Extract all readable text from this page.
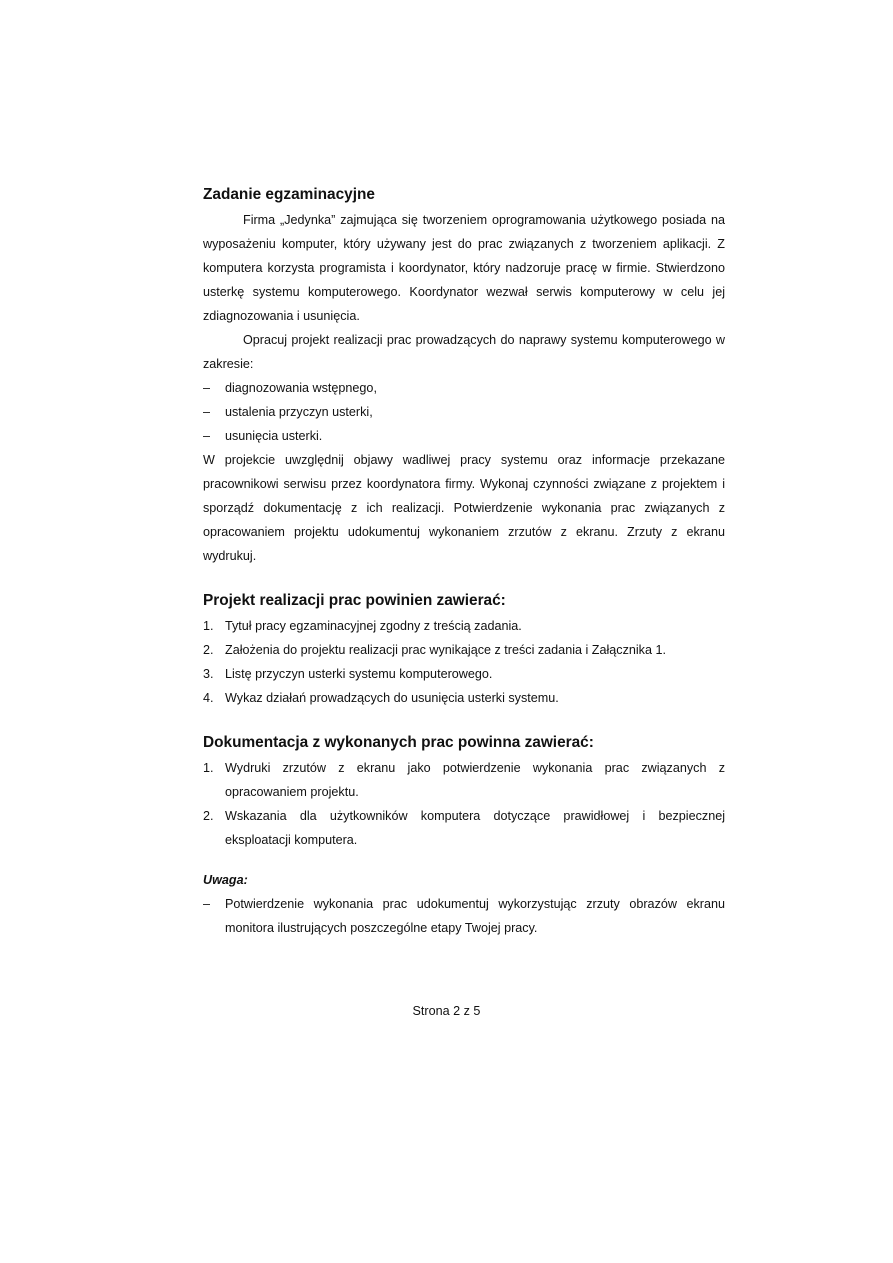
Zadanie egzaminacyjne

Firma „Jedynka” zajmująca się tworzeniem oprogramowania użytkowego posiada na wyposażeniu komputer, który używany jest do prac związanych z tworzeniem aplikacji. Z komputera korzysta programista i koordynator, który nadzoruje pracę w firmie. Stwierdzono usterkę systemu komputerowego. Koordynator wezwał serwis komputerowy w celu jej zdiagnozowania i usunięcia.

Opracuj projekt realizacji prac prowadzących do naprawy systemu komputerowego w zakresie:

– diagnozowania wstępnego,
– ustalenia przyczyn usterki,
– usunięcia usterki.

W projekcie uwzględnij objawy wadliwej pracy systemu oraz informacje przekazane pracownikowi serwisu przez koordynatora firmy. Wykonaj czynności związane z projektem i sporządź dokumentację z ich realizacji. Potwierdzenie wykonania prac związanych z opracowaniem projektu udokumentuj wykonaniem zrzutów z ekranu. Zrzuty z ekranu wydrukuj.

Projekt realizacji prac powinien zawierać:
1. Tytuł pracy egzaminacyjnej zgodny z treścią zadania.
2. Założenia do projektu realizacji prac wynikające z treści zadania i Załącznika 1.
3. Listę przyczyn usterki systemu komputerowego.
4. Wykaz działań prowadzących do usunięcia usterki systemu.
Dokumentacja z wykonanych prac powinna zawierać:
1. Wydruki zrzutów z ekranu jako potwierdzenie wykonania prac związanych z opracowaniem projektu.
2. Wskazania dla użytkowników komputera dotyczące prawidłowej i bezpiecznej eksploatacji komputera.

Uwaga:

– Potwierdzenie wykonania prac udokumentuj wykorzystując zrzuty obrazów ekranu monitora ilustrujących poszczególne etapy Twojej pracy.
Strona 2 z 5
